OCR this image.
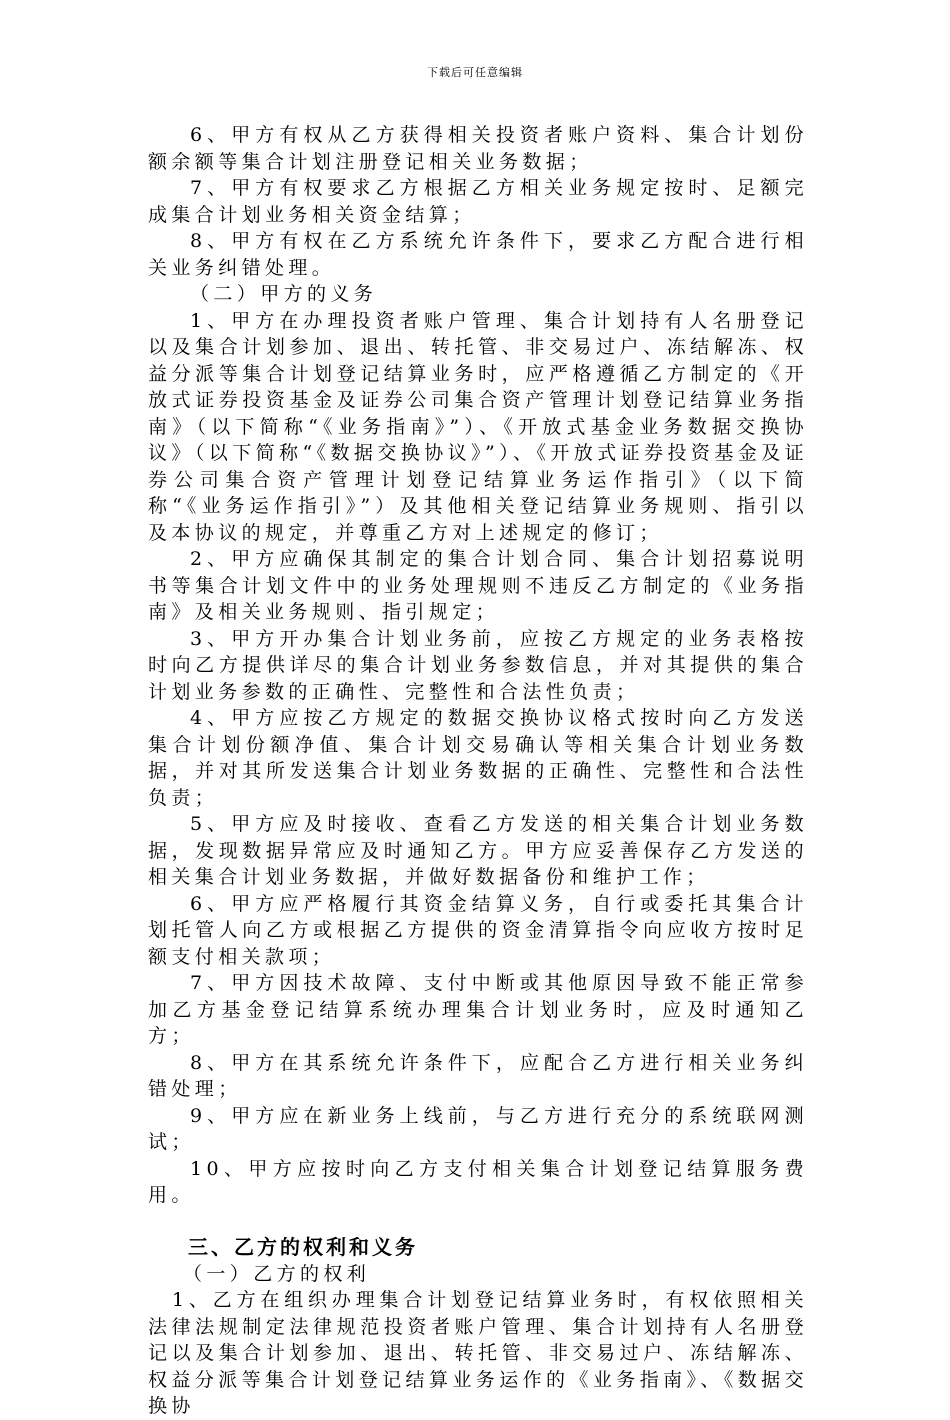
下载后可任意编辑

6、甲方有权从乙方获得相关投资者账户资料、集合计划份额余额等集合计划注册登记相关业务数据；

7、甲方有权要求乙方根据乙方相关业务规定按时、足额完成集合计划业务相关资金结算；

8、甲方有权在乙方系统允许条件下，要求乙方配合进行相关业务纠错处理。

（二）甲方的义务

1、甲方在办理投资者账户管理、集合计划持有人名册登记以及集合计划参加、退出、转托管、非交易过户、冻结解冻、权益分派等集合计划登记结算业务时，应严格遵循乙方制定的《开放式证券投资基金及证券公司集合资产管理计划登记结算业务指南》（以下简称“《业务指南》”）、《开放式基金业务数据交换协议》（以下简称“《数据交换协议》”）、《开放式证券投资基金及证券公司集合资产管理计划登记结算业务运作指引》（以下简称“《业务运作指引》”）及其他相关登记结算业务规则、指引以及本协议的规定，并尊重乙方对上述规定的修订；

2、甲方应确保其制定的集合计划合同、集合计划招募说明书等集合计划文件中的业务处理规则不违反乙方制定的《业务指南》及相关业务规则、指引规定；

3、甲方开办集合计划业务前，应按乙方规定的业务表格按时向乙方提供详尽的集合计划业务参数信息，并对其提供的集合计划业务参数的正确性、完整性和合法性负责；

4、甲方应按乙方规定的数据交换协议格式按时向乙方发送集合计划份额净值、集合计划交易确认等相关集合计划业务数据，并对其所发送集合计划业务数据的正确性、完整性和合法性负责；

5、甲方应及时接收、查看乙方发送的相关集合计划业务数据，发现数据异常应及时通知乙方。甲方应妥善保存乙方发送的相关集合计划业务数据，并做好数据备份和维护工作；

6、甲方应严格履行其资金结算义务，自行或委托其集合计划托管人向乙方或根据乙方提供的资金清算指令向应收方按时足额支付相关款项；

7、甲方因技术故障、支付中断或其他原因导致不能正常参加乙方基金登记结算系统办理集合计划业务时，应及时通知乙方；

8、甲方在其系统允许条件下，应配合乙方进行相关业务纠错处理；

9、甲方应在新业务上线前，与乙方进行充分的系统联网测试；

10、甲方应按时向乙方支付相关集合计划登记结算服务费用。

三、乙方的权利和义务

（一）乙方的权利

1、乙方在组织办理集合计划登记结算业务时，有权依照相关法律法规制定法律规范投资者账户管理、集合计划持有人名册登记以及集合计划参加、退出、转托管、非交易过户、冻结解冻、权益分派等集合计划登记结算业务运作的《业务指南》、《数据交换协
